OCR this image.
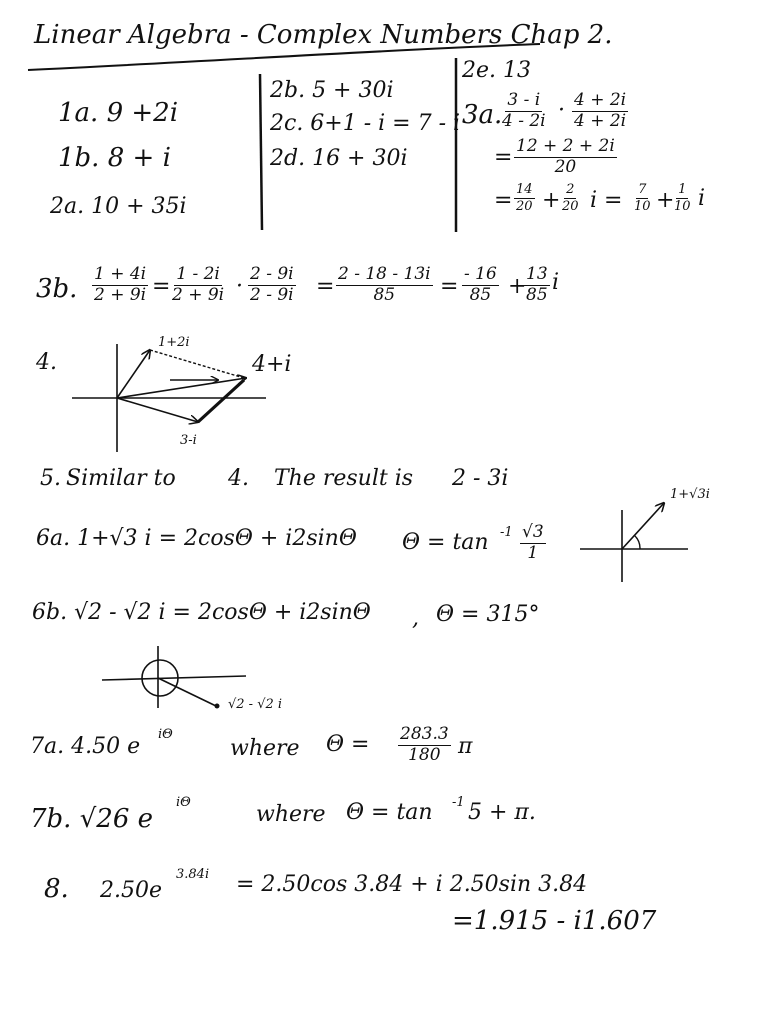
Linear Algebra - Complex Numbers Chap 2.
1a. 9 +2i
1b. 8 + i
2a. 10 + 35i
2b. 5 + 30i
2c. 6+1 - i = 7 - i
2d. 16 + 30i
2e. 13
3a. $\frac{3 - i}{4 - 2i} \cdot \frac{4 + 2i}{4 + 2i}$
= $\frac{12 + 2 + 2i}{20}$
= $\frac{14}{20} + \frac{2}{20}$ $i = \frac{7}{10} + \frac{1}{10}$ i
3b. $\frac{1 + 4i}{2 + 9i} = \frac{1 - 2i}{2 + 9i} \cdot \frac{2 - 9i}{2 - 9i} = \frac{2 - 18 - 13i}{85} = \frac{- 16}{85}$ +
$\frac{13}{85}$ i
4.
1+2i
4+i
3-i
5. Similar to 4. The result is 2 - 3i
6a. 1+√3 i = 2cosΘ + i2sinΘ $\Theta = \tan -1 \frac{√3}{1}$
1+√3i
6b. √2 - √2 i = 2cosΘ + i2sinΘ , Θ = 315°
√2 - √2 i
7a. 4.50 e iΘ
where $\Theta = \frac{283.3}{180}$ π
7b. √26 e
iΘ	where Θ = tan -1 5 + π.
8. 2.50e
3.84i = 2.50cos 3.84 + i 2.50sin 3.84
=1.915 - i1.607
